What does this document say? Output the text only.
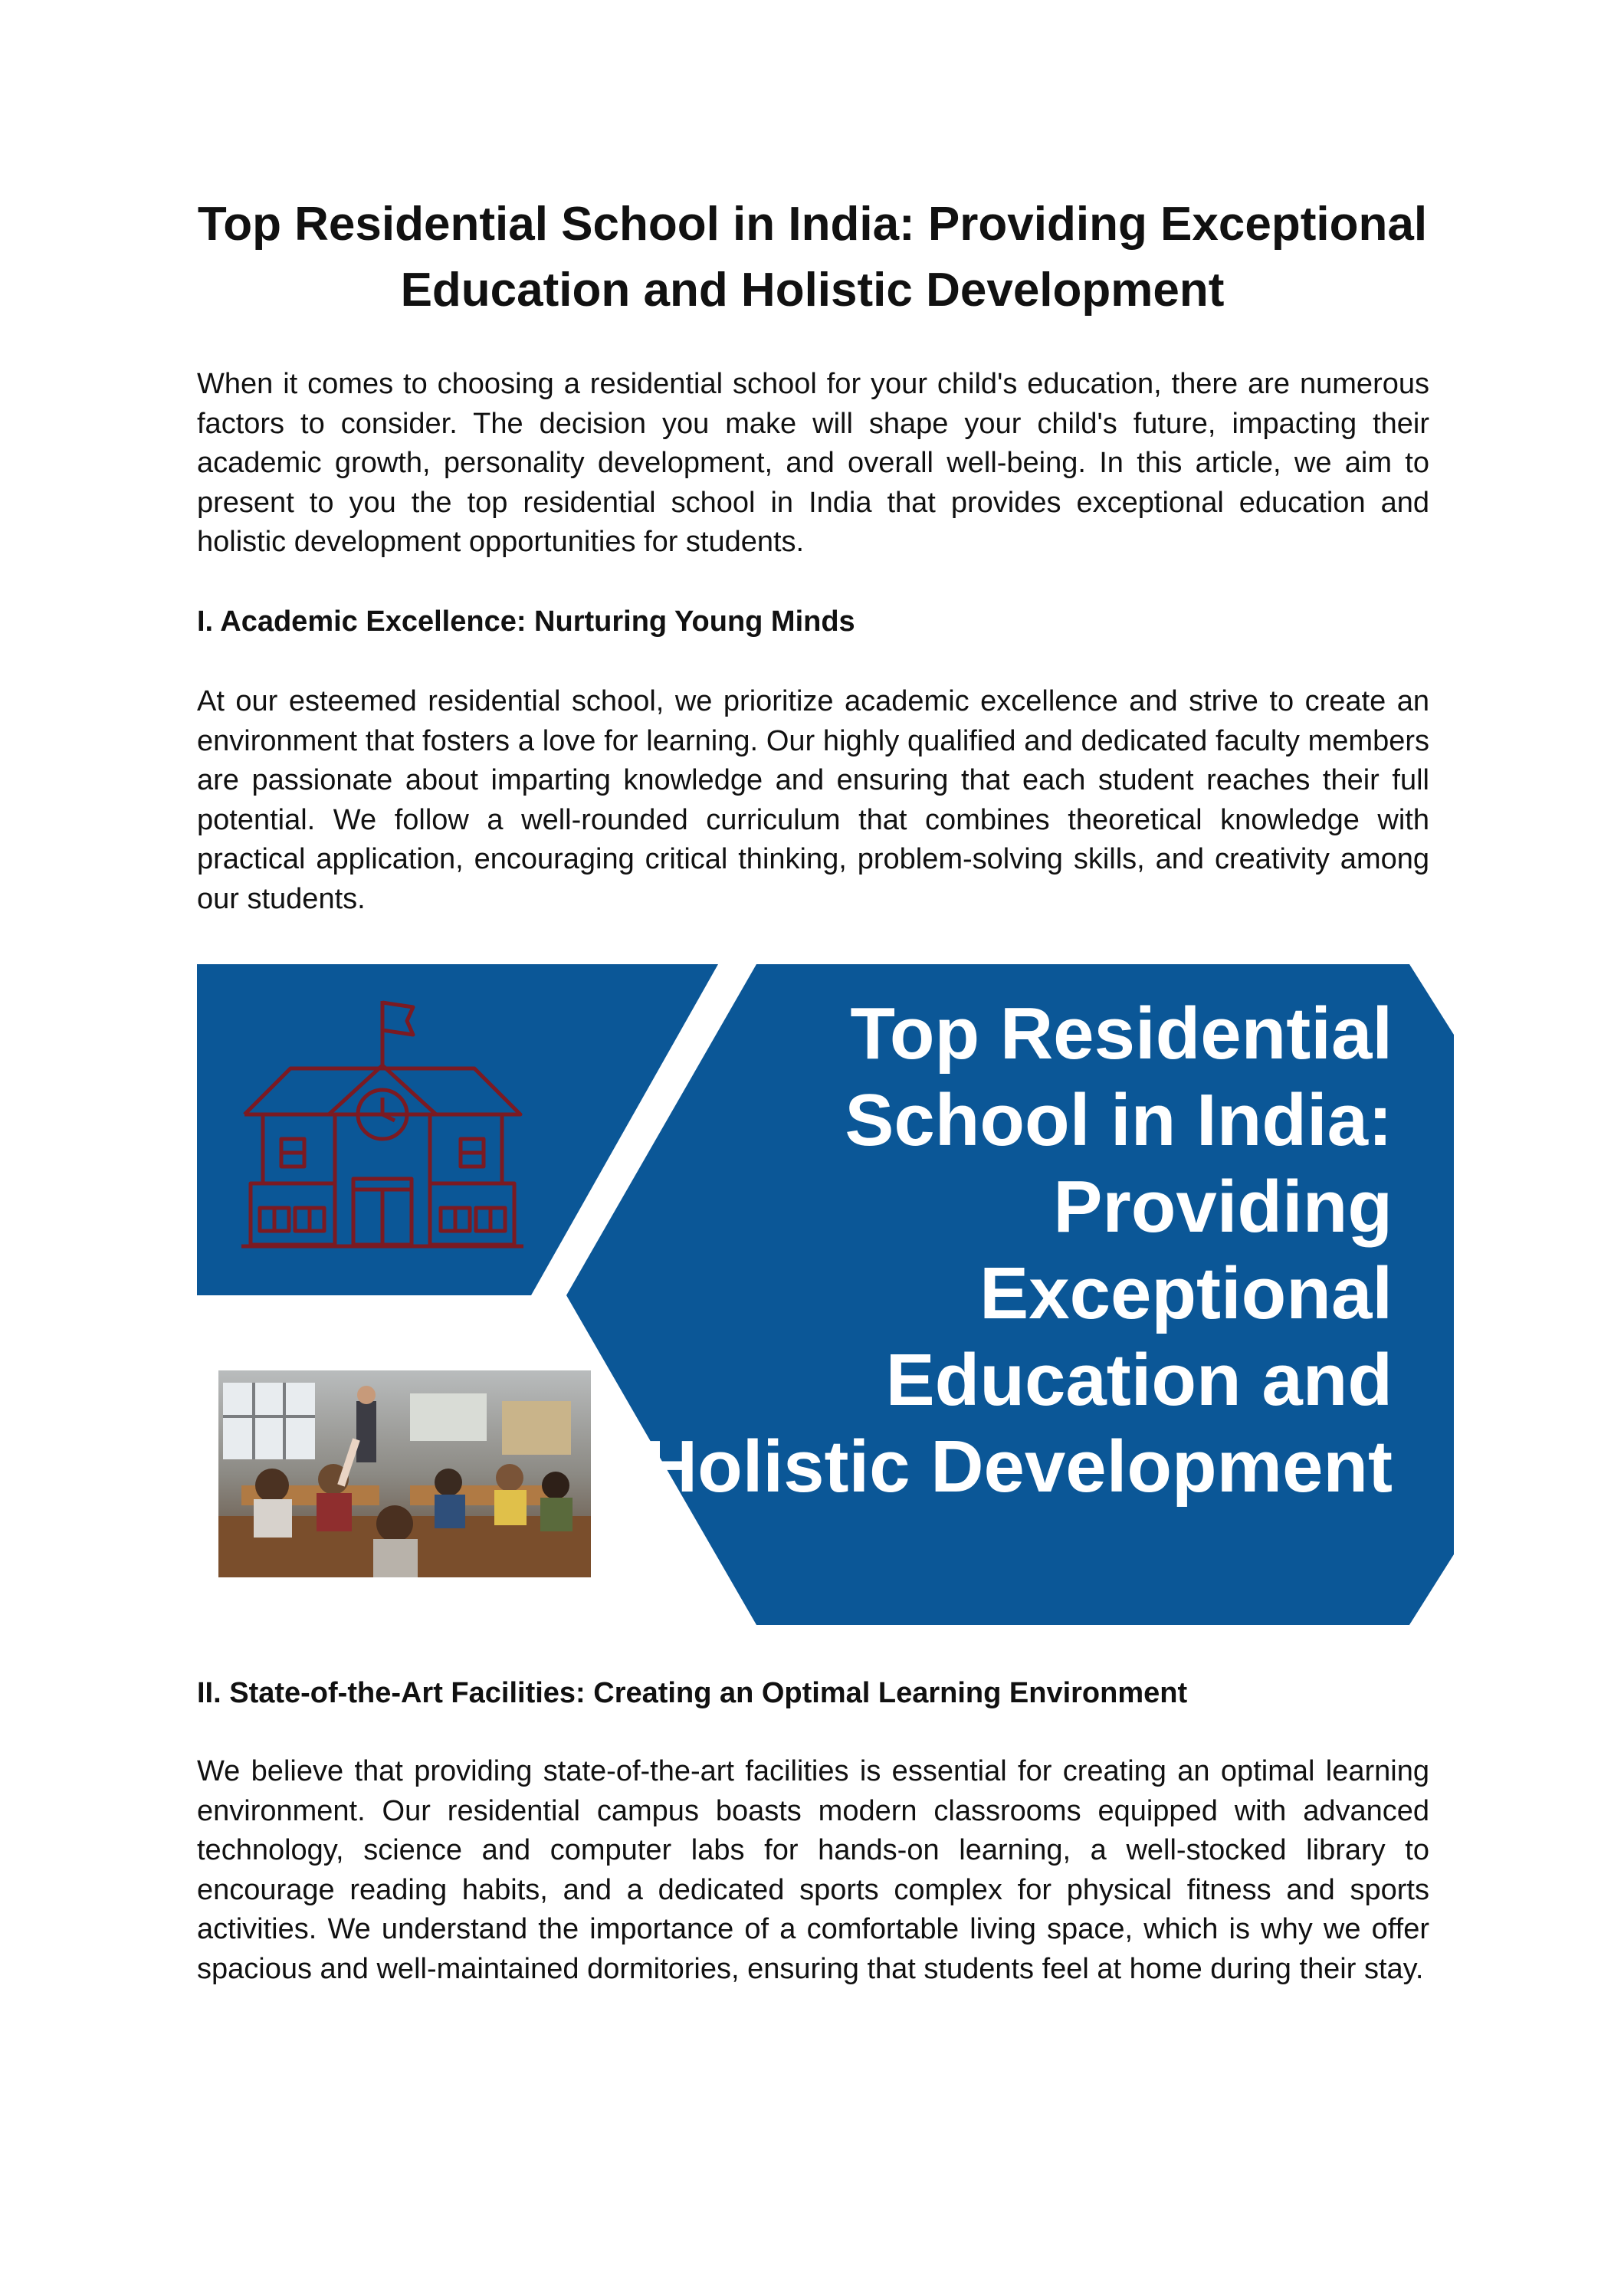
Top Residential School in India: Providing Exceptional Education and Holistic Development

When it comes to choosing a residential school for your child's education, there are numerous factors to consider. The decision you make will shape your child's future, impacting their academic growth, personality development, and overall well-being. In this article, we aim to present to you the top residential school in India that provides exceptional education and holistic development opportunities for students.

I. Academic Excellence: Nurturing Young Minds

At our esteemed residential school, we prioritize academic excellence and strive to create an environment that fosters a love for learning. Our highly qualified and dedicated faculty members are passionate about imparting knowledge and ensuring that each student reaches their full potential. We follow a well-rounded curriculum that combines theoretical knowledge with practical application, encouraging critical thinking, problem-solving skills, and creativity among our students.

Top Residential School in India: Providing Exceptional Education and Holistic Development
II. State-of-the-Art Facilities: Creating an Optimal Learning Environment

We believe that providing state-of-the-art facilities is essential for creating an optimal learning environment. Our residential campus boasts modern classrooms equipped with advanced technology, science and computer labs for hands-on learning, a well-stocked library to encourage reading habits, and a dedicated sports complex for physical fitness and sports activities. We understand the importance of a comfortable living space, which is why we offer spacious and well-maintained dormitories, ensuring that students feel at home during their stay.
